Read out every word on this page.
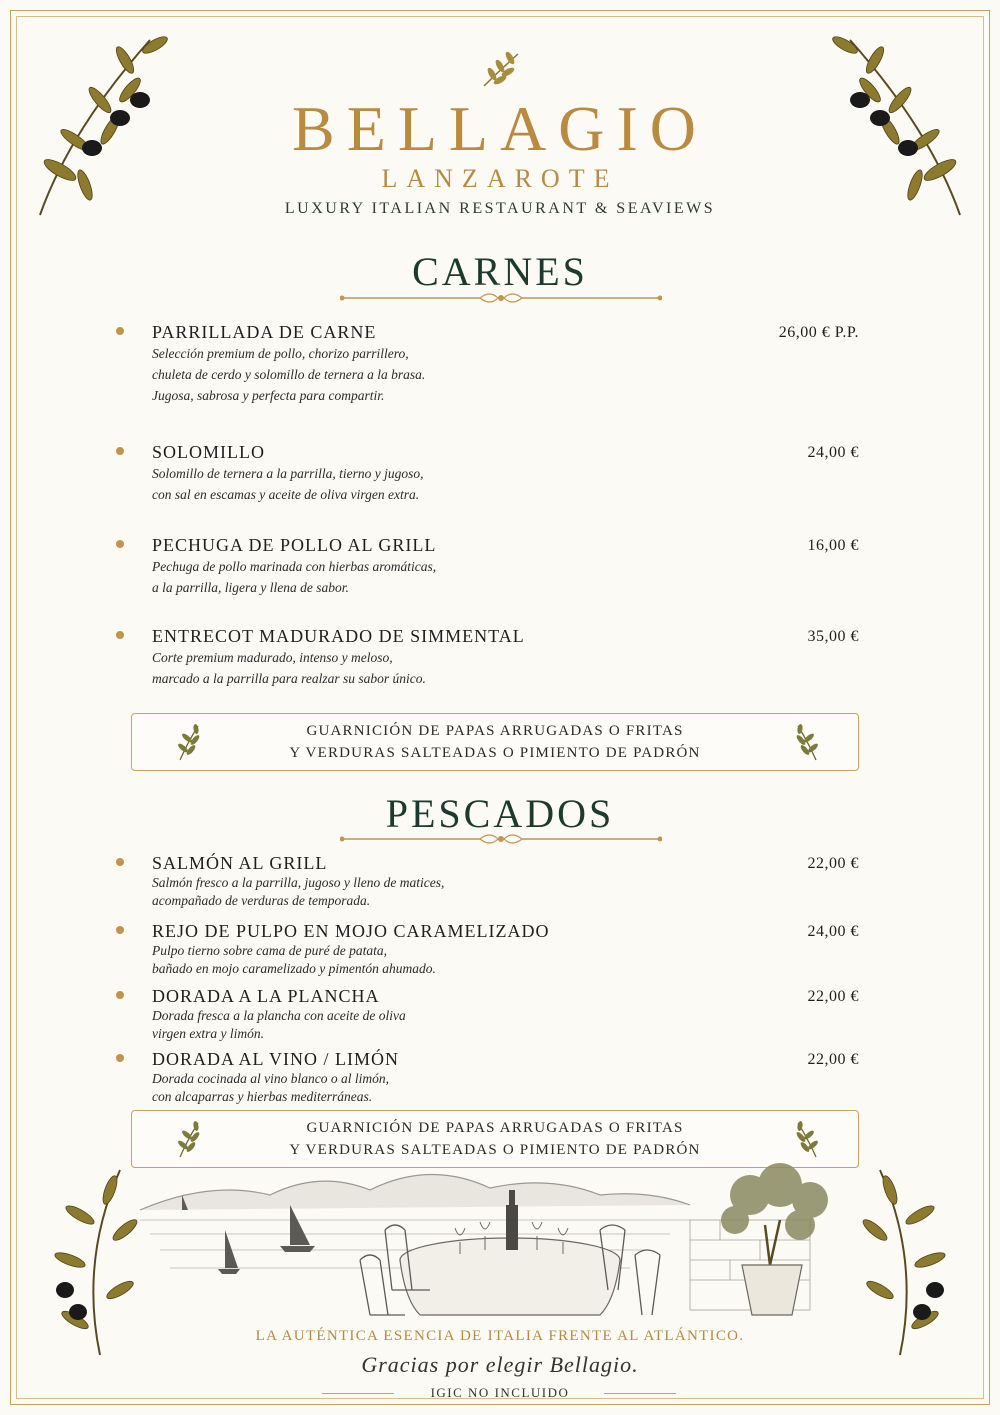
BELLAGIO
LANZAROTE
LUXURY ITALIAN RESTAURANT & SEAVIEWS
CARNES
PARRILLADA DE CARNE	26,00 € P.P.
Selección premium de pollo, chorizo parrillero,
chuleta de cerdo y solomillo de ternera a la brasa.
Jugosa, sabrosa y perfecta para compartir.
SOLOMILLO	24,00 €
Solomillo de ternera a la parrilla, tierno y jugoso,
con sal en escamas y aceite de oliva virgen extra.
PECHUGA DE POLLO AL GRILL	16,00 €
Pechuga de pollo marinada con hierbas aromáticas,
a la parrilla, ligera y llena de sabor.
ENTRECOT MADURADO DE SIMMENTAL	35,00 €
Corte premium madurado, intenso y meloso,
marcado a la parrilla para realzar su sabor único.
GUARNICIÓN DE PAPAS ARRUGADAS O FRITAS
Y VERDURAS SALTEADAS O PIMIENTO DE PADRÓN
PESCADOS
SALMÓN AL GRILL	22,00 €
Salmón fresco a la parrilla, jugoso y lleno de matices,
acompañado de verduras de temporada.
REJO DE PULPO EN MOJO CARAMELIZADO	24,00 €
Pulpo tierno sobre cama de puré de patata,
bañado en mojo caramelizado y pimentón ahumado.
DORADA A LA PLANCHA	22,00 €
Dorada fresca a la plancha con aceite de oliva
virgen extra y limón.
DORADA AL VINO / LIMÓN	22,00 €
Dorada cocinada al vino blanco o al limón,
con alcaparras y hierbas mediterráneas.
GUARNICIÓN DE PAPAS ARRUGADAS O FRITAS
Y VERDURAS SALTEADAS O PIMIENTO DE PADRÓN
LA AUTÉNTICA ESENCIA DE ITALIA FRENTE AL ATLÁNTICO.
Gracias por elegir Bellagio.
IGIC NO INCLUIDO
